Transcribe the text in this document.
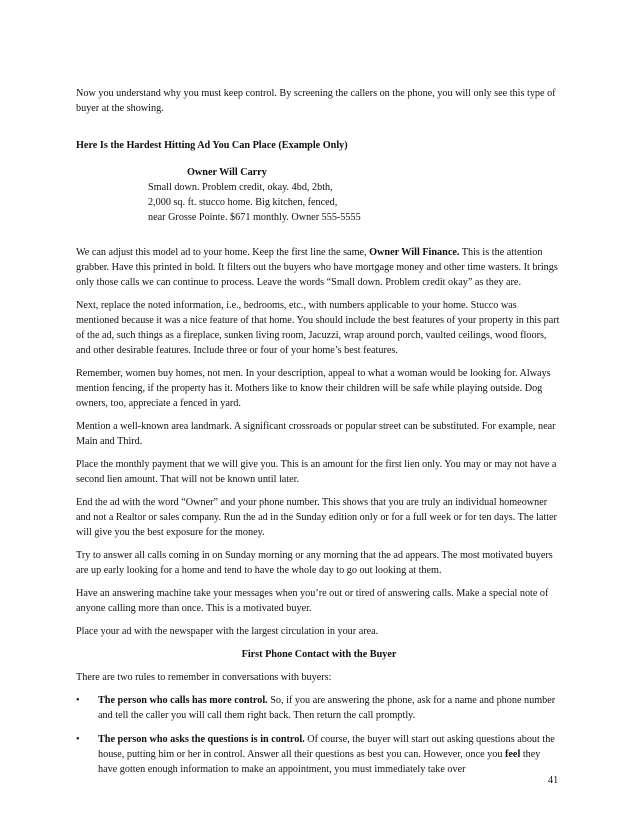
Now you understand why you must keep control. By screening the callers on the phone, you will only see this type of buyer at the showing.

Here Is the Hardest Hitting Ad You Can Place (Example Only)

Owner Will Carry

Small down. Problem credit, okay. 4bd, 2bth,

2,000 sq. ft. stucco home. Big kitchen, fenced,

near Grosse Pointe. $671 monthly. Owner 555-5555

We can adjust this model ad to your home. Keep the first line the same, Owner Will Finance. This is the attention grabber. Have this printed in bold. It filters out the buyers who have mortgage money and other time wasters. It brings only those calls we can continue to process. Leave the words “Small down. Problem credit okay” as they are.

Next, replace the noted information, i.e., bedrooms, etc., with numbers applicable to your home. Stucco was mentioned because it was a nice feature of that home. You should include the best features of your property in this part of the ad, such things as a fireplace, sunken living room, Jacuzzi, wrap around porch, vaulted ceilings, wood floors, and other desirable features. Include three or four of your home’s best features.

Remember, women buy homes, not men. In your description, appeal to what a woman would be looking for. Always mention fencing, if the property has it. Mothers like to know their children will be safe while playing outside. Dog owners, too, appreciate a fenced in yard.

Mention a well-known area landmark. A significant crossroads or popular street can be substituted. For example, near Main and Third.

Place the monthly payment that we will give you. This is an amount for the first lien only. You may or may not have a second lien amount. That will not be known until later.

End the ad with the word “Owner” and your phone number. This shows that you are truly an individual homeowner and not a Realtor or sales company. Run the ad in the Sunday edition only or for a full week or for ten days. The latter will give you the best exposure for the money.

Try to answer all calls coming in on Sunday morning or any morning that the ad appears. The most motivated buyers are up early looking for a home and tend to have the whole day to go out looking at them.

Have an answering machine take your messages when you’re out or tired of answering calls. Make a special note of anyone calling more than once. This is a motivated buyer.

Place your ad with the newspaper with the largest circulation in your area.

First Phone Contact with the Buyer

There are two rules to remember in conversations with buyers:

• The person who calls has more control. So, if you are answering the phone, ask for a name and phone number and tell the caller you will call them right back. Then return the call promptly.
• The person who asks the questions is in control. Of course, the buyer will start out asking questions about the house, putting him or her in control. Answer all their questions as best you can. However, once you feel they have gotten enough information to make an appointment, you must immediately take over
41
